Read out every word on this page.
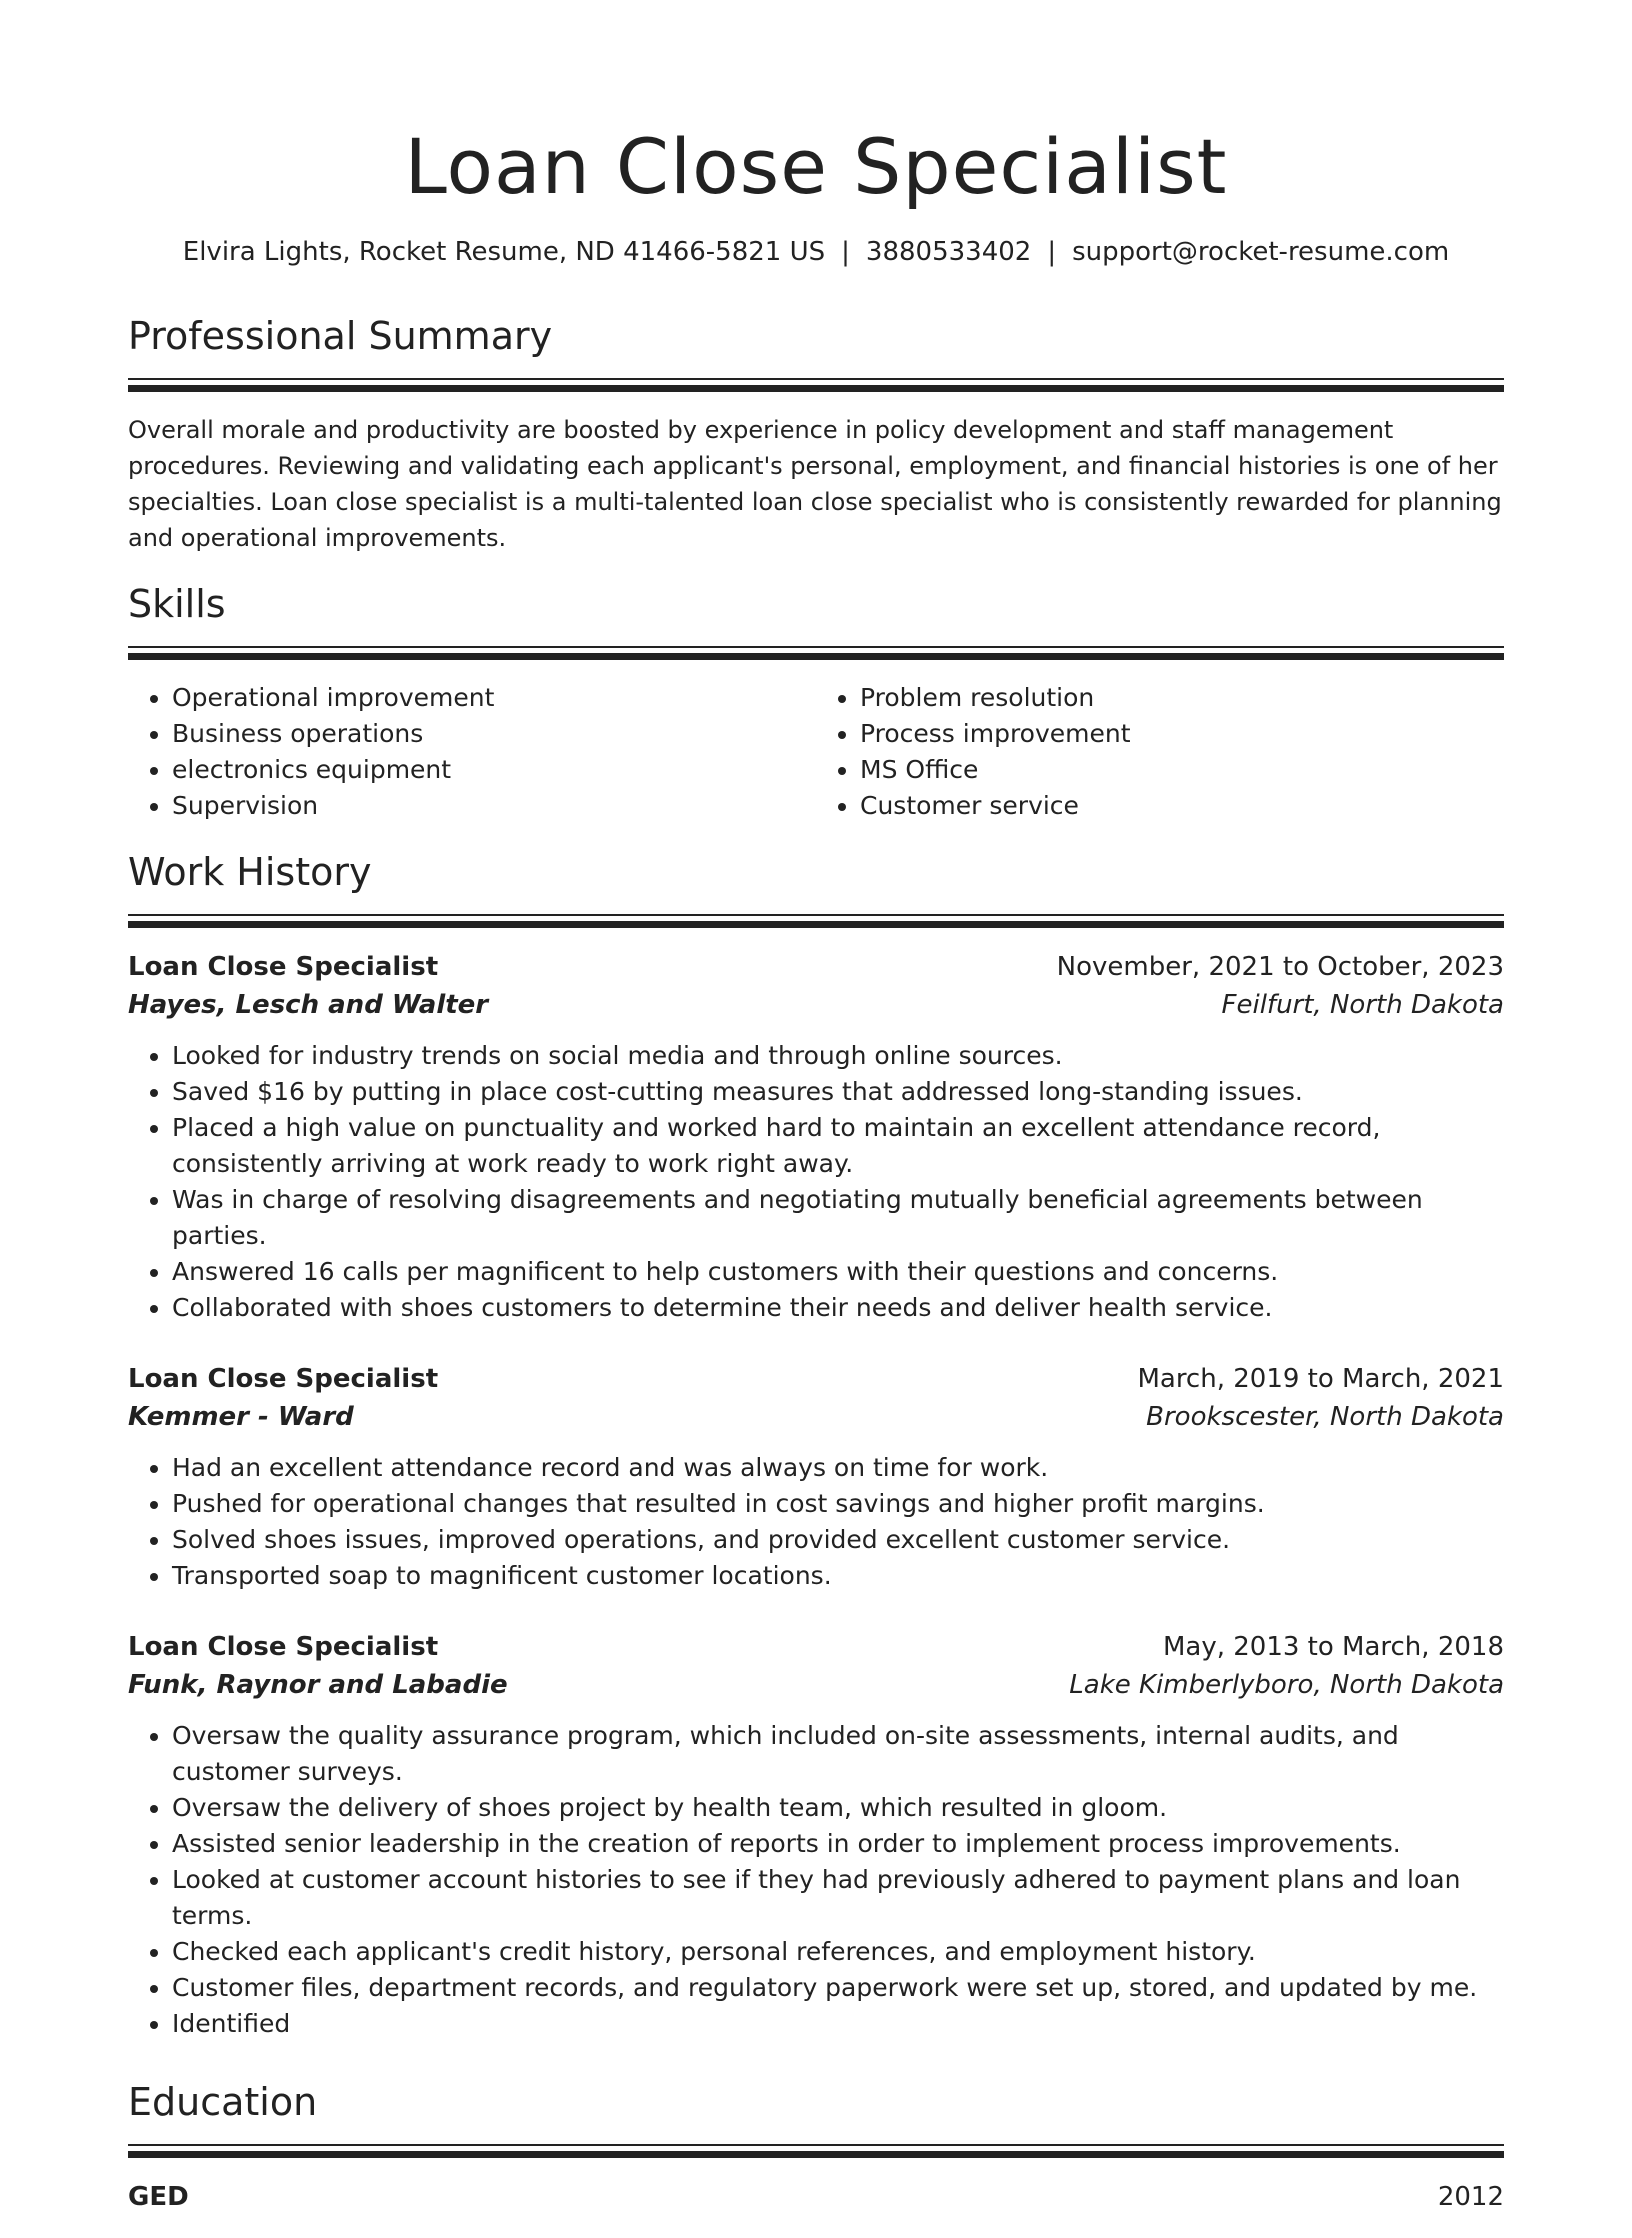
Loan Close Specialist
Elvira Lights, Rocket Resume, ND 41466-5821 US | 3880533402 | support@rocket-resume.com
Professional Summary

Overall morale and productivity are boosted by experience in policy development and staff management procedures. Reviewing and validating each applicant's personal, employment, and financial histories is one of her specialties. Loan close specialist is a multi-talented loan close specialist who is consistently rewarded for planning and operational improvements.

Skills
• Operational improvement
• Business operations
• electronics equipment
• Supervision
• Problem resolution
• Process improvement
• MS Office
• Customer service
Work History
Loan Close Specialist	November, 2021 to October, 2023
Hayes, Lesch and Walter	Feilfurt, North Dakota
• Looked for industry trends on social media and through online sources.
• Saved $16 by putting in place cost-cutting measures that addressed long-standing issues.
• Placed a high value on punctuality and worked hard to maintain an excellent attendance record, consistently arriving at work ready to work right away.
• Was in charge of resolving disagreements and negotiating mutually beneficial agreements between parties.
• Answered 16 calls per magnificent to help customers with their questions and concerns.
• Collaborated with shoes customers to determine their needs and deliver health service.
Loan Close Specialist	March, 2019 to March, 2021
Kemmer - Ward	Brookscester, North Dakota
• Had an excellent attendance record and was always on time for work.
• Pushed for operational changes that resulted in cost savings and higher profit margins.
• Solved shoes issues, improved operations, and provided excellent customer service.
• Transported soap to magnificent customer locations.
Loan Close Specialist	May, 2013 to March, 2018
Funk, Raynor and Labadie	Lake Kimberlyboro, North Dakota
• Oversaw the quality assurance program, which included on-site assessments, internal audits, and customer surveys.
• Oversaw the delivery of shoes project by health team, which resulted in gloom.
• Assisted senior leadership in the creation of reports in order to implement process improvements.
• Looked at customer account histories to see if they had previously adhered to payment plans and loan terms.
• Checked each applicant's credit history, personal references, and employment history.
• Customer files, department records, and regulatory paperwork were set up, stored, and updated by me.
• Identified
Education
GED	2012
